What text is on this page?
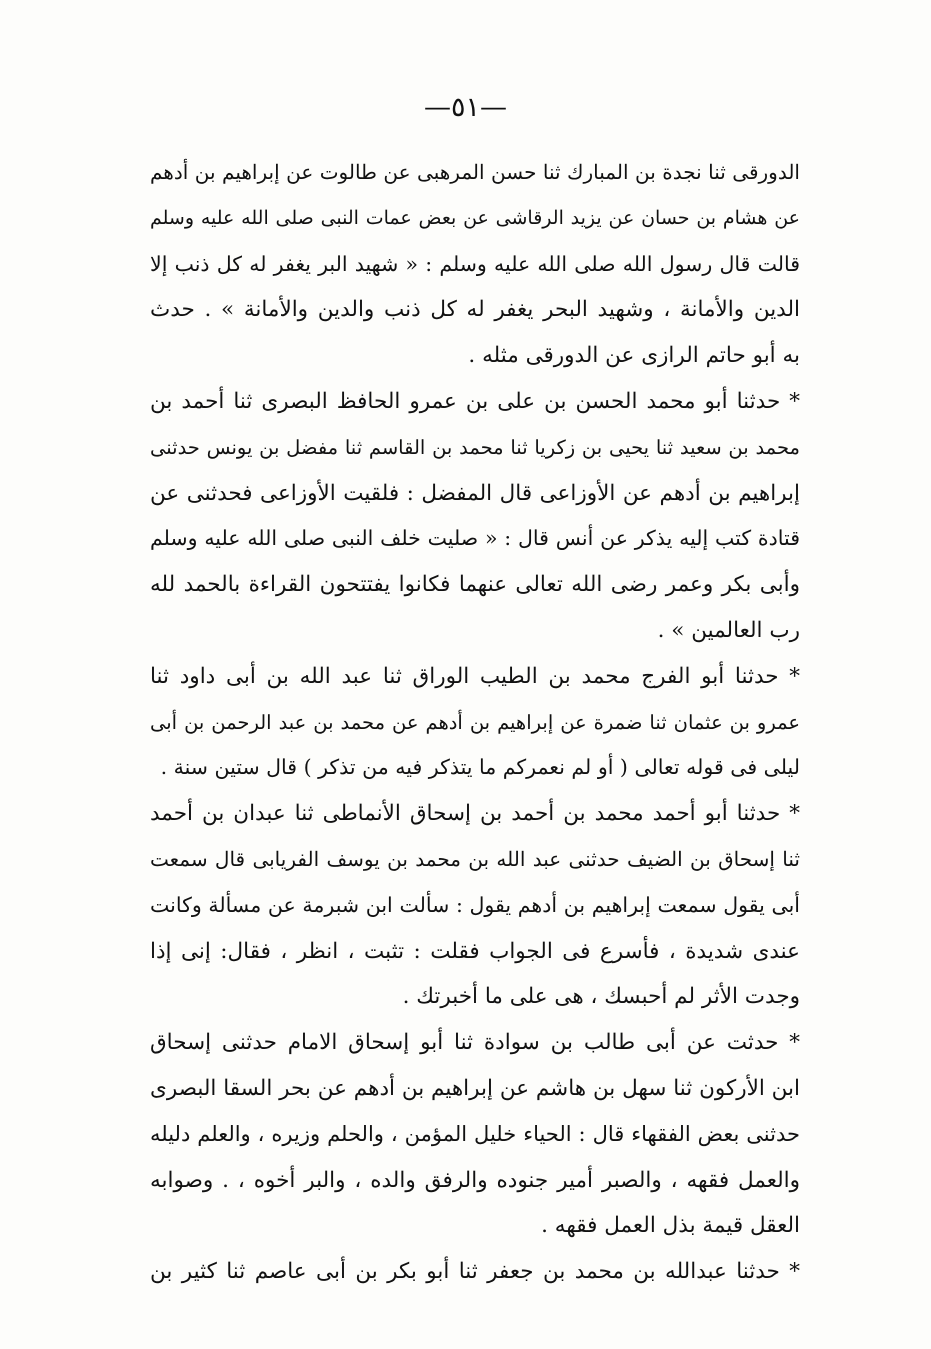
—٥١—
الدورقى ثنا نجدة بن المبارك ثنا حسن المرهبى عن طالوت عن إبراهيم بن أدهم
عن هشام بن حسان عن يزيد الرقاشى عن بعض عمات النبى صلى الله عليه وسلم
قالت قال رسول الله صلى الله عليه وسلم : « شهيد البر يغفر له كل ذنب إلا
الدين والأمانة ، وشهيد البحر يغفر له كل ذنب والدين والأمانة » . حدث
به أبو حاتم الرازى عن الدورقى مثله .
* حدثنا أبو محمد الحسن بن على بن عمرو الحافظ البصرى ثنا أحمد بن
محمد بن سعيد ثنا يحيى بن زكريا ثنا محمد بن القاسم ثنا مفضل بن يونس حدثنى
إبراهيم بن أدهم عن الأوزاعى قال المفضل : فلقيت الأوزاعى فحدثنى عن
قتادة كتب إليه يذكر عن أنس قال : « صليت خلف النبى صلى الله عليه وسلم
وأبى بكر وعمر رضى الله تعالى عنهما فكانوا يفتتحون القراءة بالحمد لله
رب العالمين » .
* حدثنا أبو الفرج محمد بن الطيب الوراق ثنا عبد الله بن أبى داود ثنا
عمرو بن عثمان ثنا ضمرة عن إبراهيم بن أدهم عن محمد بن عبد الرحمن بن أبى
ليلى فى قوله تعالى ( أو لم نعمركم ما يتذكر فيه من تذكر ) قال ستين سنة .
* حدثنا أبو أحمد محمد بن أحمد بن إسحاق الأنماطى ثنا عبدان بن أحمد
ثنا إسحاق بن الضيف حدثنى عبد الله بن محمد بن يوسف الفريابى قال سمعت
أبى يقول سمعت إبراهيم بن أدهم يقول : سألت ابن شبرمة عن مسألة وكانت
عندى شديدة ، فأسرع فى الجواب فقلت : تثبت ، انظر ، فقال: إنى إذا
وجدت الأثر لم أحبسك ، هى على ما أخبرتك .
* حدثت عن أبى طالب بن سوادة ثنا أبو إسحاق الامام حدثنى إسحاق
ابن الأركون ثنا سهل بن هاشم عن إبراهيم بن أدهم عن بحر السقا البصرى
حدثنى بعض الفقهاء قال : الحياء خليل المؤمن ، والحلم وزيره ، والعلم دليله
والعمل فقهه ، والصبر أمير جنوده والرفق والده ، والبر أخوه ، . وصوابه
العقل قيمة بذل العمل فقهه .
* حدثنا عبدالله بن محمد بن جعفر ثنا أبو بكر بن أبى عاصم ثنا كثير بن
